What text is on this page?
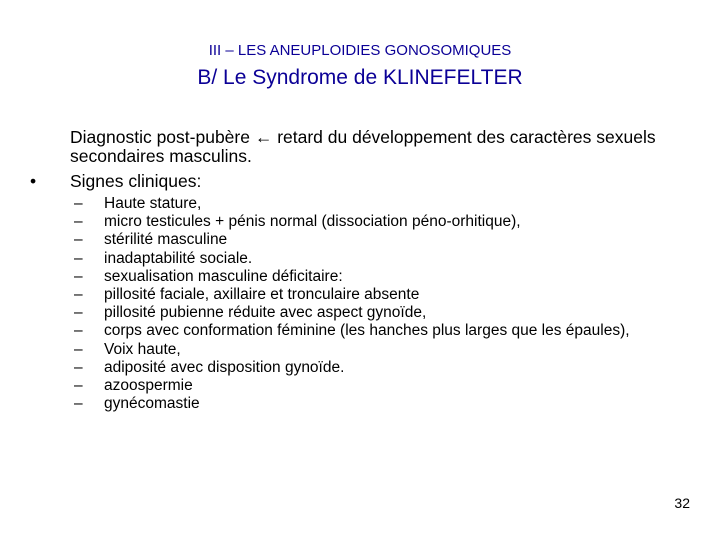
III – LES ANEUPLOIDIES GONOSOMIQUES
B/ Le Syndrome de KLINEFELTER
Diagnostic post-pubère ← retard du développement des caractères sexuels secondaires masculins.
•	Signes cliniques:
–	Haute stature,
–	micro testicules + pénis normal (dissociation péno-orhitique),
–	stérilité masculine
–	inadaptabilité sociale.
–	sexualisation masculine déficitaire:
–	pillosité faciale, axillaire et tronculaire absente
–	pillosité pubienne réduite avec aspect gynoïde,
–	corps avec conformation féminine (les hanches plus larges que les épaules),
–	Voix haute,
–	adiposité avec disposition gynoïde.
–	azoospermie
–	gynécomastie
32
